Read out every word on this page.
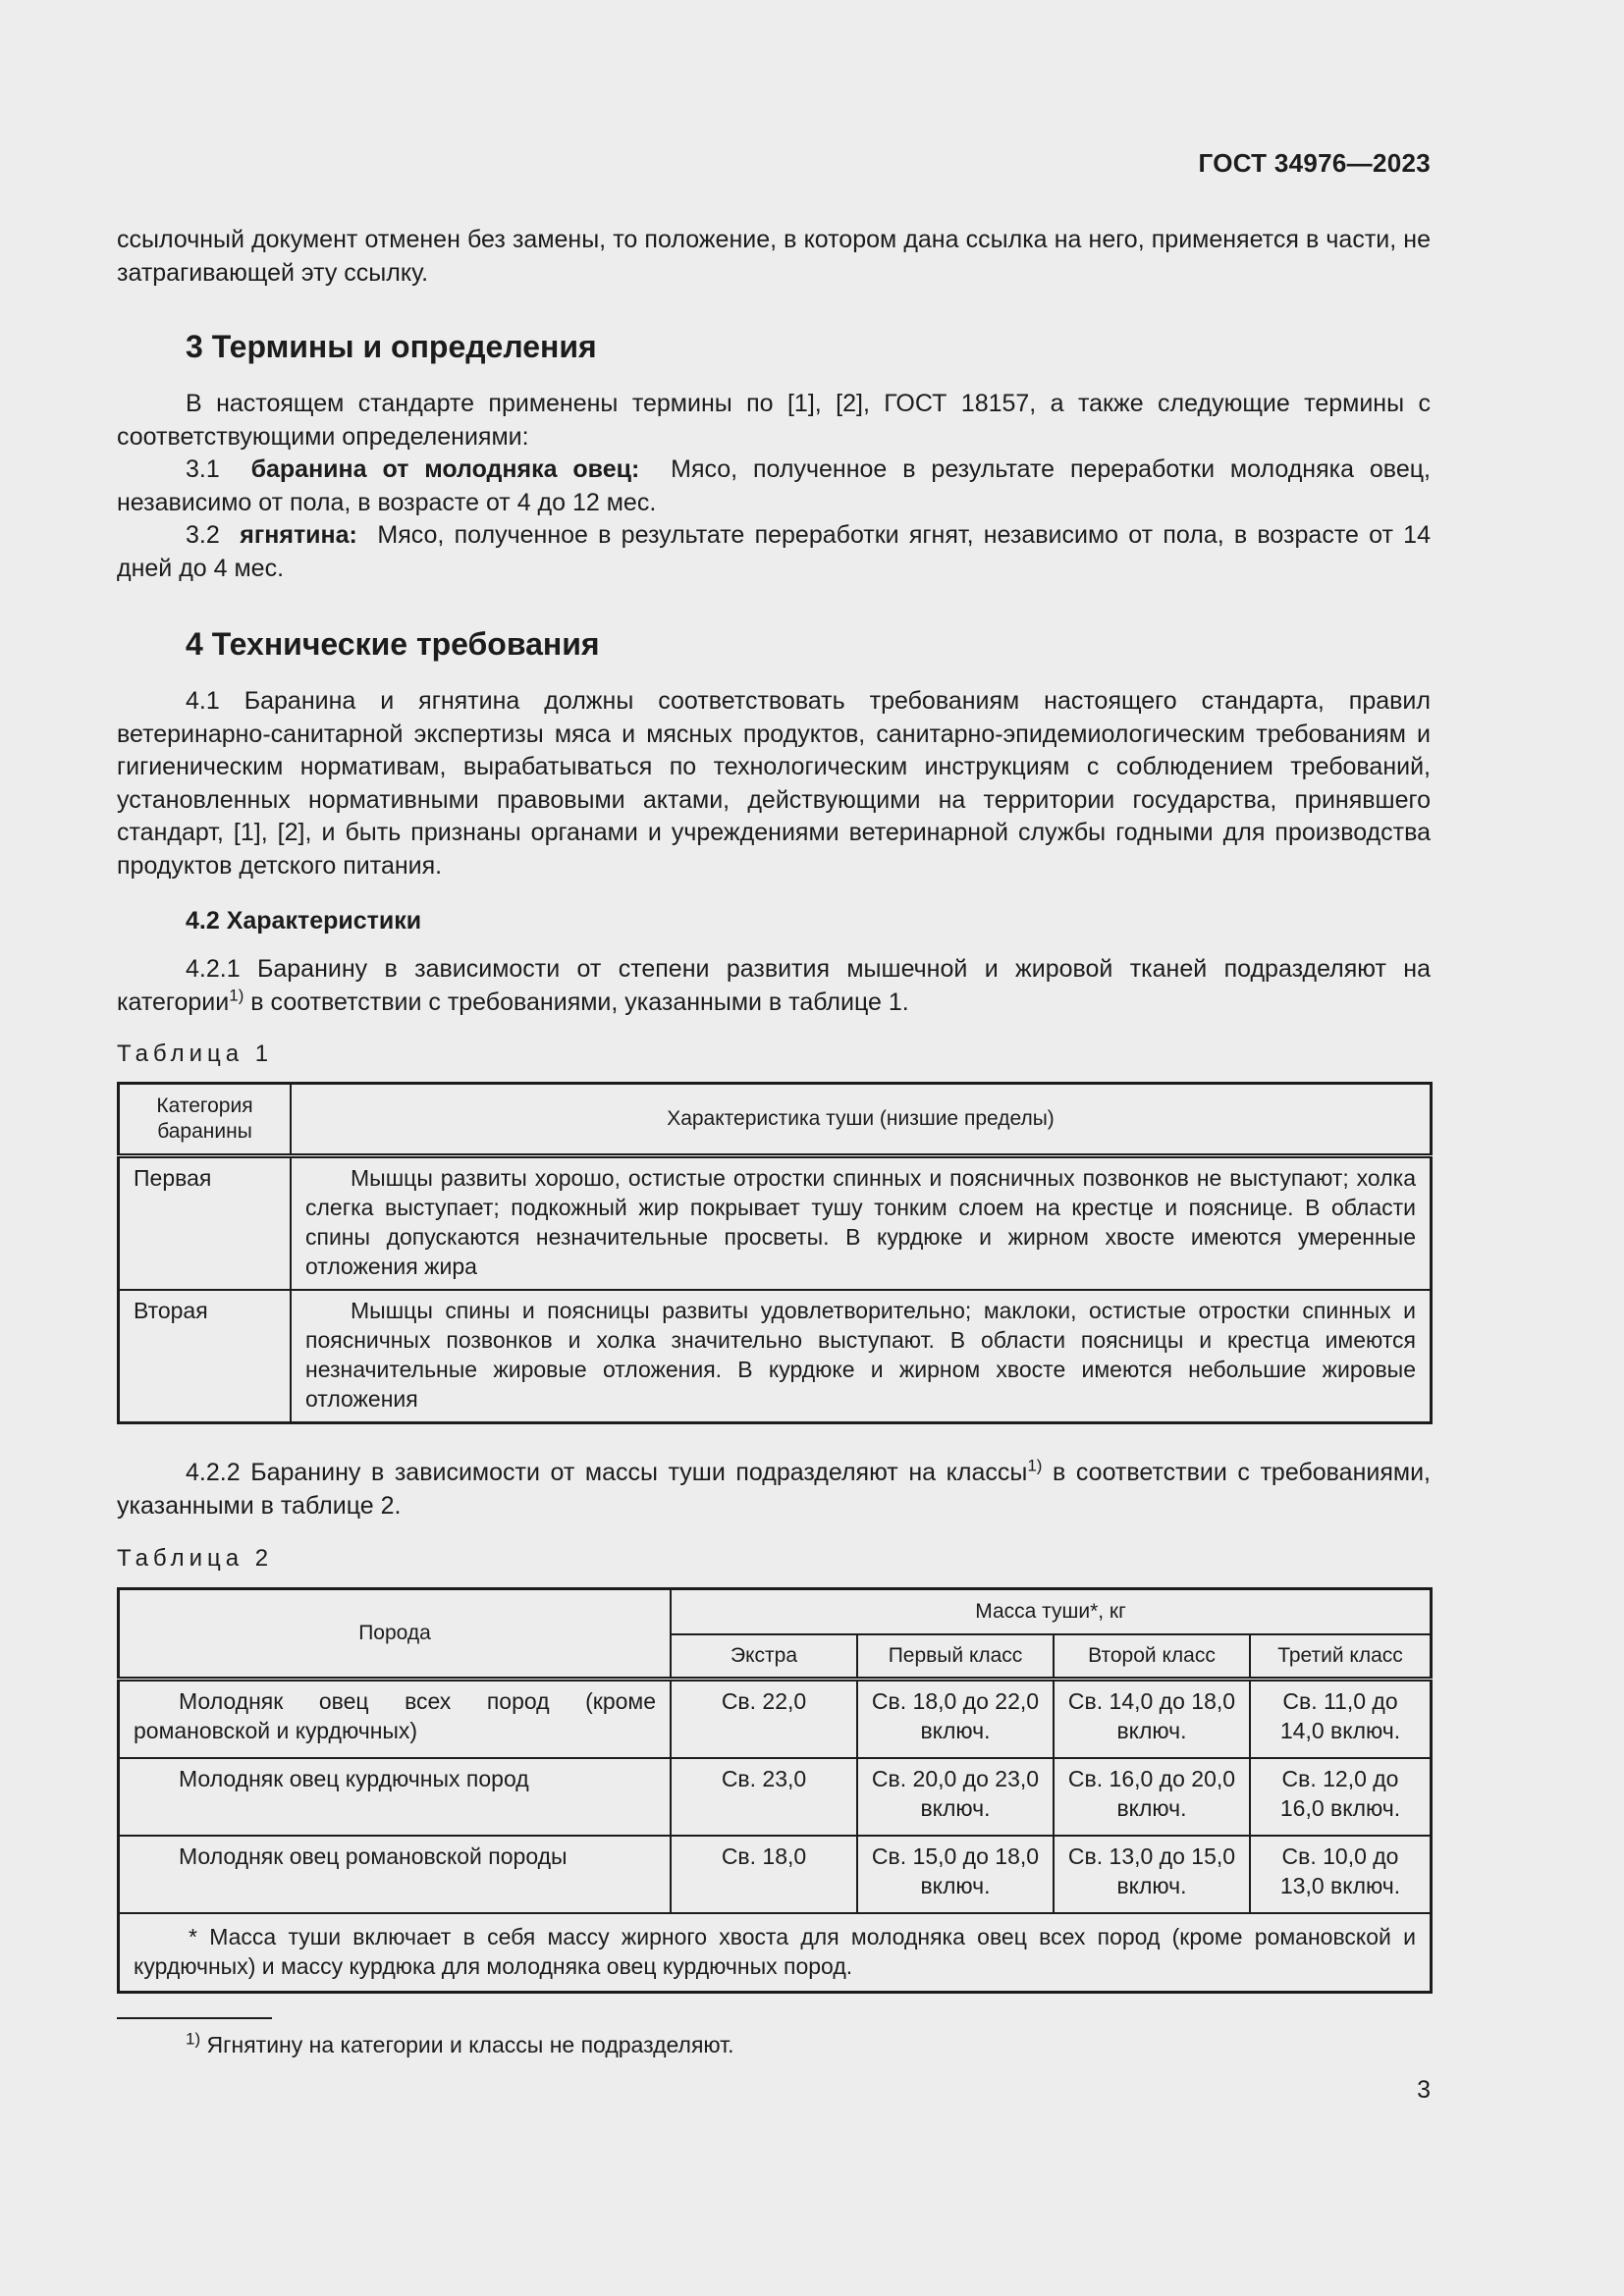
ГОСТ 34976—2023

ссылочный документ отменен без замены, то положение, в котором дана ссылка на него, применяется в части, не затрагивающей эту ссылку.

3 Термины и определения

В настоящем стандарте применены термины по [1], [2], ГОСТ 18157, а также следующие термины с соответствующими определениями:

3.1 баранина от молодняка овец: Мясо, полученное в результате переработки молодняка овец, независимо от пола, в возрасте от 4 до 12 мес.

3.2 ягнятина: Мясо, полученное в результате переработки ягнят, независимо от пола, в возрасте от 14 дней до 4 мес.

4 Технические требования

4.1 Баранина и ягнятина должны соответствовать требованиям настоящего стандарта, правил ветеринарно-санитарной экспертизы мяса и мясных продуктов, санитарно-эпидемиологическим требованиям и гигиеническим нормативам, вырабатываться по технологическим инструкциям с соблюдением требований, установленных нормативными правовыми актами, действующими на территории государства, принявшего стандарт, [1], [2], и быть признаны органами и учреждениями ветеринарной службы годными для производства продуктов детского питания.

4.2 Характеристики

4.2.1 Баранину в зависимости от степени развития мышечной и жировой тканей подразделяют на категории$^{1)}$ в соответствии с требованиями, указанными в таблице 1.

Таблица 1
Категория баранины	Характеристика туши (низшие пределы)
Первая	Мышцы развиты хорошо, остистые отростки спинных и поясничных позвонков не выступают; холка слегка выступает; подкожный жир покрывает тушу тонким слоем на крестце и пояснице. В области спины допускаются незначительные просветы. В курдюке и жирном хвосте имеются умеренные отложения жира
Вторая	Мышцы спины и поясницы развиты удовлетворительно; маклоки, остистые отростки спинных и поясничных позвонков и холка значительно выступают. В области поясницы и крестца имеются незначительные жировые отложения. В курдюке и жирном хвосте имеются небольшие жировые отложения

4.2.2 Баранину в зависимости от массы туши подразделяют на классы$^{1)}$ в соответствии с требованиями, указанными в таблице 2.

Таблица 2
Порода	Масса туши*, кг			
	Экстра	Первый класс	Второй класс	Третий класс
Молодняк овец всех пород (кроме романовской и курдючных)	Св. 22,0	Св. 18,0 до 22,0 включ.	Св. 14,0 до 18,0 включ.	Св. 11,0 до 14,0 включ.
Молодняк овец курдючных пород	Св. 23,0	Св. 20,0 до 23,0 включ.	Св. 16,0 до 20,0 включ.	Св. 12,0 до 16,0 включ.
Молодняк овец романовской породы	Св. 18,0	Св. 15,0 до 18,0 включ.	Св. 13,0 до 15,0 включ.	Св. 10,0 до 13,0 включ.
* Масса туши включает в себя массу жирного хвоста для молодняка овец всех пород (кроме романовской и курдючных) и массу курдюка для молодняка овец курдючных пород.				
$^{1)}$ Ягнятину на категории и классы не подразделяют.
3
